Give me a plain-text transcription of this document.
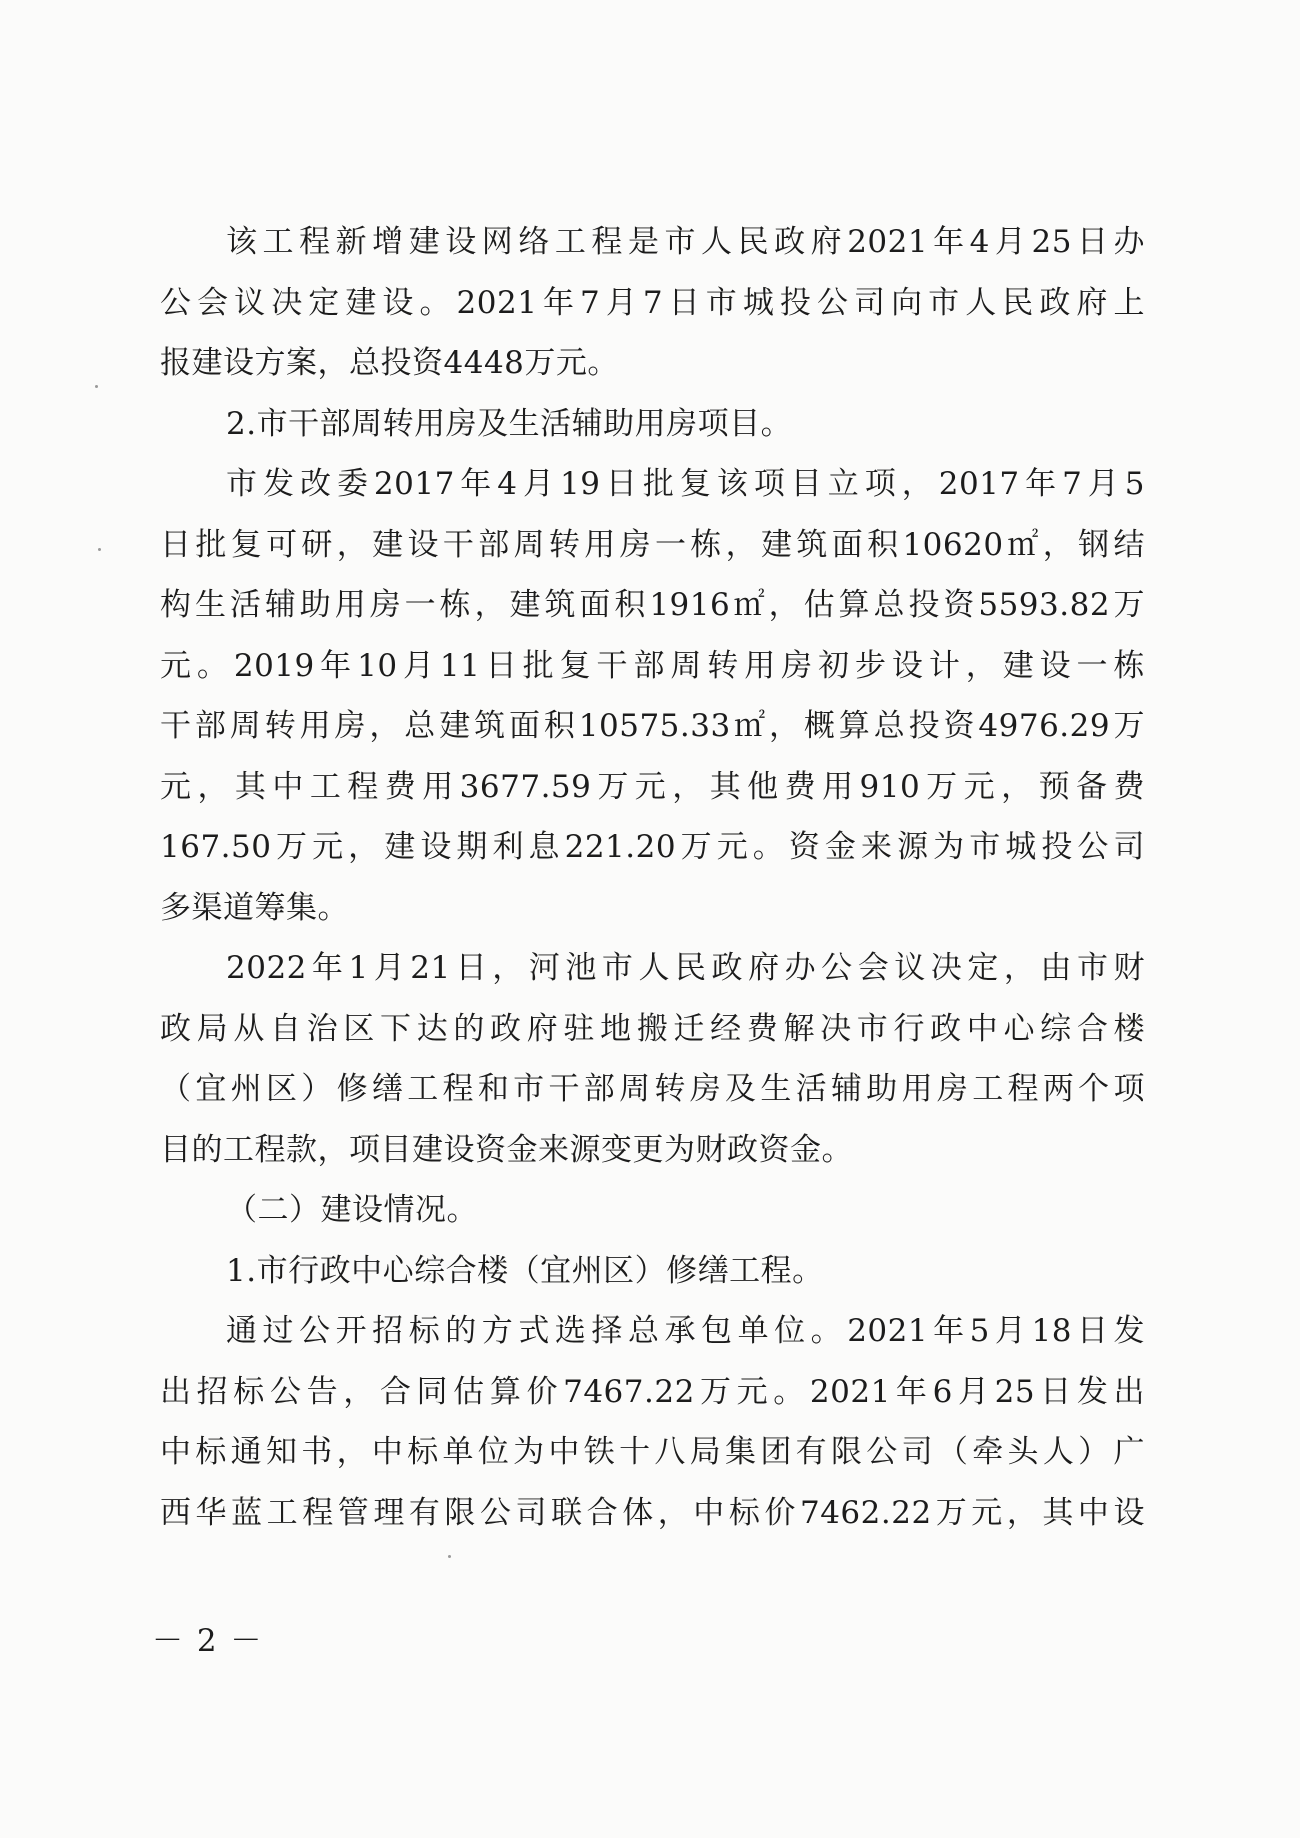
该工程新增建设网络工程是市人民政府2021年4月25日办
公会议决定建设。2021年7月7日市城投公司向市人民政府上
报建设方案，总投资4448万元。
2.市干部周转用房及生活辅助用房项目。
市发改委2017年4月19日批复该项目立项，2017年7月5
日批复可研，建设干部周转用房一栋，建筑面积10620㎡，钢结
构生活辅助用房一栋，建筑面积1916㎡，估算总投资5593.82万
元。2019年10月11日批复干部周转用房初步设计，建设一栋
干部周转用房，总建筑面积10575.33㎡，概算总投资4976.29万
元，其中工程费用3677.59万元，其他费用910万元，预备费
167.50万元，建设期利息221.20万元。资金来源为市城投公司
多渠道筹集。
2022年1月21日，河池市人民政府办公会议决定，由市财
政局从自治区下达的政府驻地搬迁经费解决市行政中心综合楼
（宜州区）修缮工程和市干部周转房及生活辅助用房工程两个项
目的工程款，项目建设资金来源变更为财政资金。
（二）建设情况。
1.市行政中心综合楼（宜州区）修缮工程。
通过公开招标的方式选择总承包单位。2021年5月18日发
出招标公告，合同估算价7467.22万元。2021年6月25日发出
中标通知书，中标单位为中铁十八局集团有限公司（牵头人）广
西华蓝工程管理有限公司联合体，中标价7462.22万元，其中设
－ 2 －
